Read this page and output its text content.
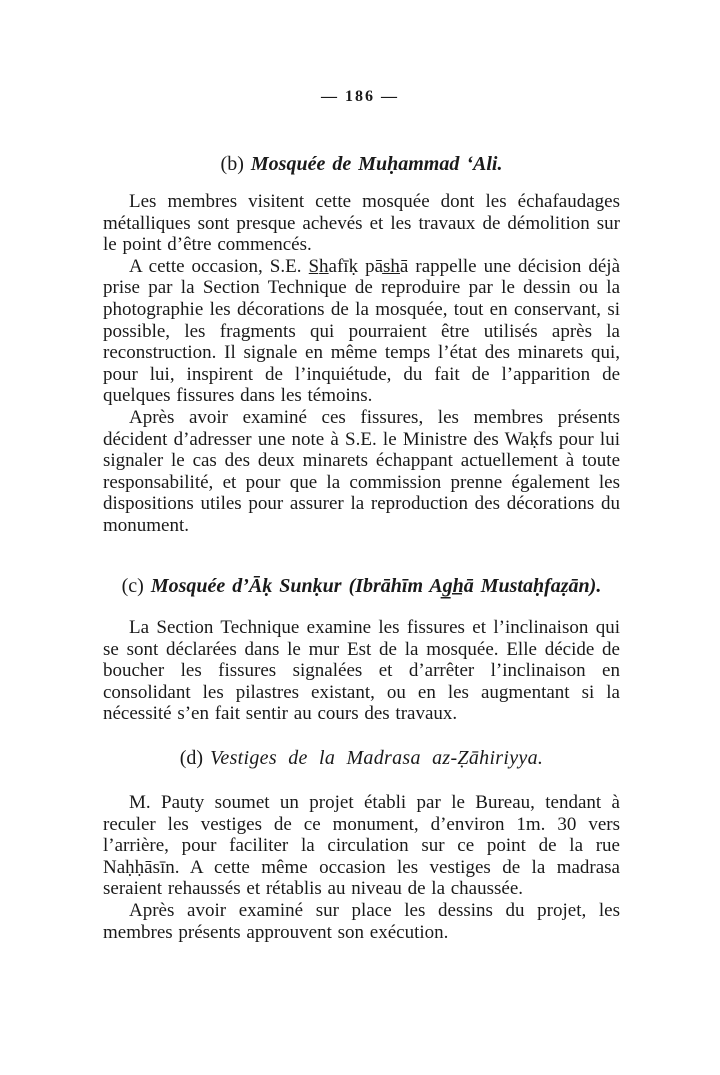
— 186 —
(b) Mosquée de Muḥammad ‘Ali.

Les membres visitent cette mosquée dont les échafaudages métalliques sont presque achevés et les travaux de démolition sur le point d’être commencés.

A cette occasion, S.E. S̲h̲afīḳ pās̲h̲ā rappelle une décision déjà prise par la Section Technique de reproduire par le dessin ou la photographie les décorations de la mosquée, tout en conservant, si possible, les fragments qui pourraient être utilisés après la reconstruction. Il signale en même temps l’état des minarets qui, pour lui, inspirent de l’inquiétude, du fait de l’apparition de quelques fissures dans les témoins.

Après avoir examiné ces fissures, les membres présents décident d’adresser une note à S.E. le Ministre des Waḳfs pour lui signaler le cas des deux minarets échappant actuellement à toute responsabilité, et pour que la commission prenne également les dispositions utiles pour assurer la reproduction des décorations du monument.

(c) Mosquée d’Āḳ Sunḳur (Ibrāhīm Ag̲h̲ā Mustaḥfaẓān).

La Section Technique examine les fissures et l’inclinaison qui se sont déclarées dans le mur Est de la mosquée. Elle décide de boucher les fissures signalées et d’arrêter l’inclinaison en consolidant les pilastres existant, ou en les augmentant si la nécessité s’en fait sentir au cours des travaux.

(d) Vestiges de la Madrasa az-Ẓāhiriyya.

M. Pauty soumet un projet établi par le Bureau, tendant à reculer les vestiges de ce monument, d’environ 1m. 30 vers l’arrière, pour faciliter la circulation sur ce point de la rue Naḥḥāsīn. A cette même occasion les vestiges de la madrasa seraient rehaussés et rétablis au niveau de la chaussée.

Après avoir examiné sur place les dessins du projet, les membres présents approuvent son exécution.
